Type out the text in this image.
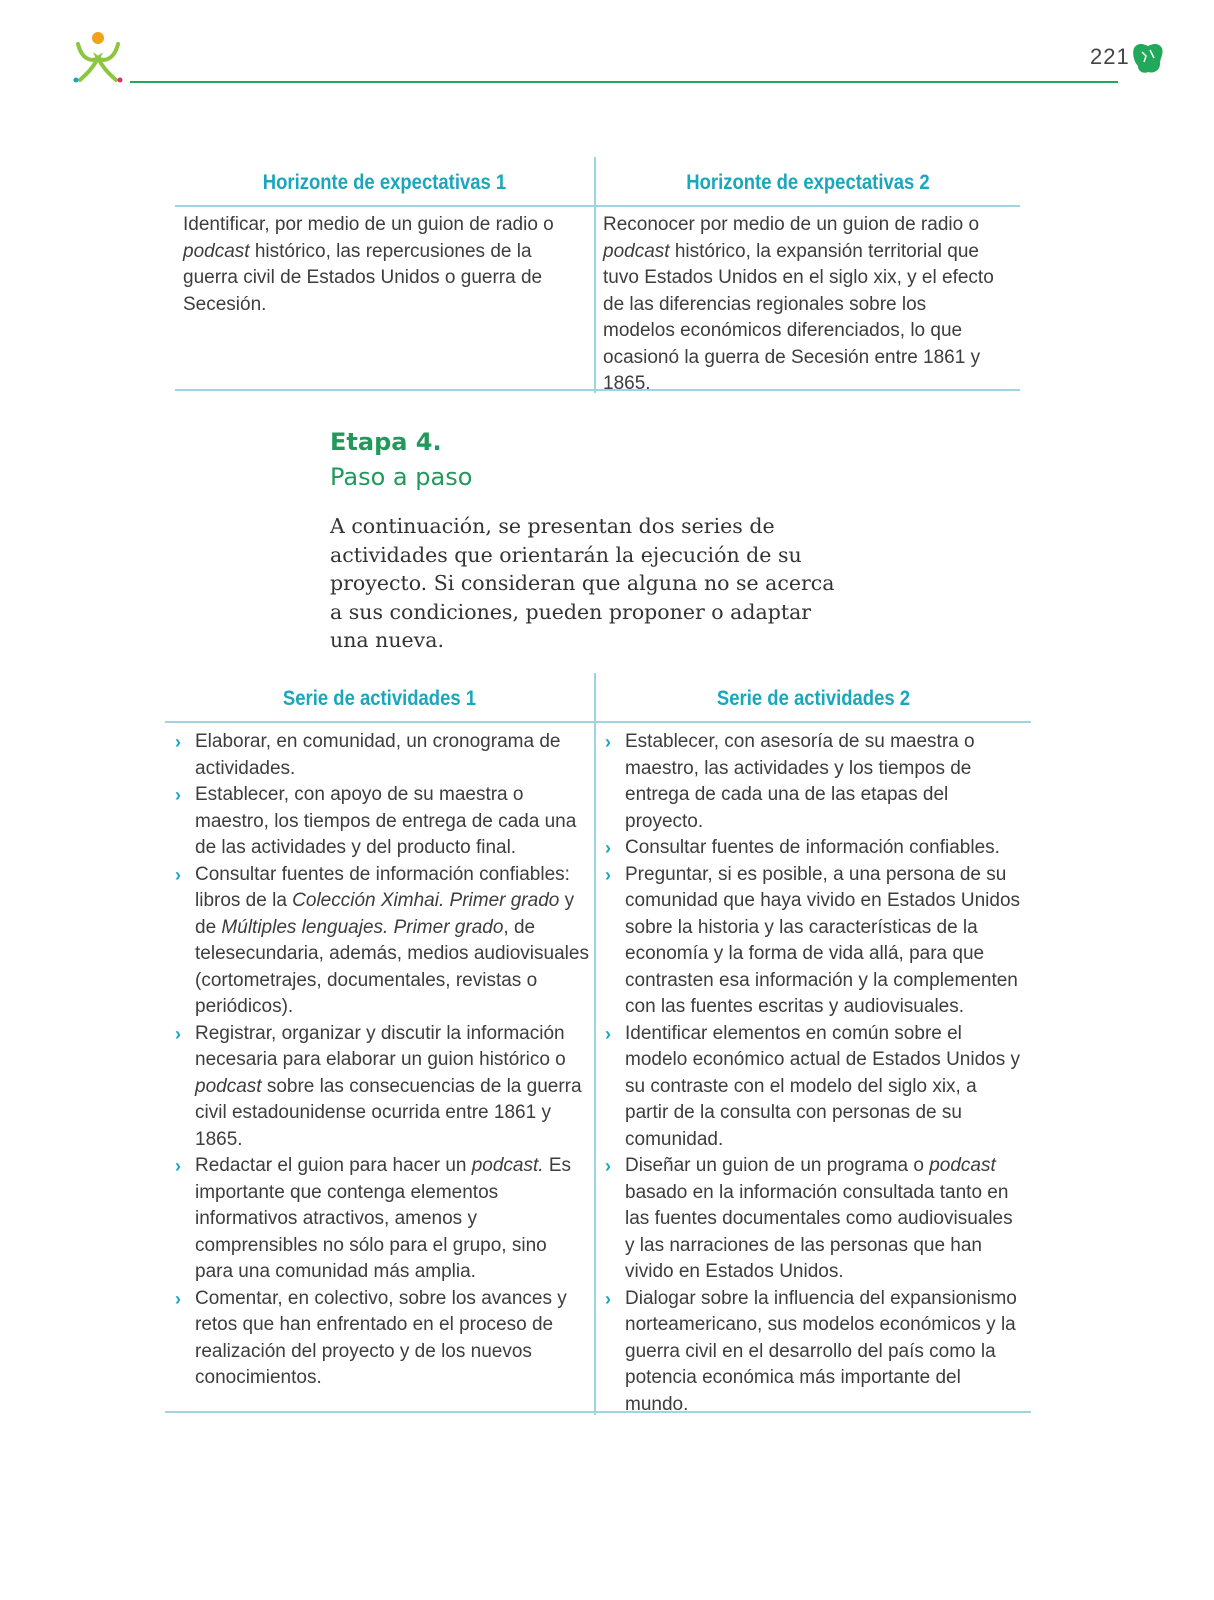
221
Horizonte de expectativas 1	Horizonte de expectativas 2
Identificar, por medio de un guion de radio o podcast histórico, las repercusiones de la guerra civil de Estados Unidos o guerra de Secesión.
Reconocer por medio de un guion de radio o podcast histórico, la expansión territorial que tuvo Estados Unidos en el siglo xix, y el efecto de las diferencias regionales sobre los modelos económicos diferenciados, lo que ocasionó la guerra de Secesión entre 1861 y 1865.
Etapa 4.
Paso a paso
A continuación, se presentan dos series de actividades que orientarán la ejecución de su proyecto. Si consideran que alguna no se acerca a sus condiciones, pueden proponer o adaptar una nueva.
Serie de actividades 1	Serie de actividades 2
› Elaborar, en comunidad, un cronograma de actividades.
› Establecer, con apoyo de su maestra o maestro, los tiempos de entrega de cada una de las actividades y del producto final.
› Consultar fuentes de información confiables: libros de la Colección Ximhai. Primer grado y de Múltiples lenguajes. Primer grado, de telesecundaria, además, medios audiovisuales (cortometrajes, documentales, revistas o periódicos).
› Registrar, organizar y discutir la información necesaria para elaborar un guion histórico o podcast sobre las consecuencias de la guerra civil estadounidense ocurrida entre 1861 y 1865.
› Redactar el guion para hacer un podcast. Es importante que contenga elementos informativos atractivos, amenos y comprensibles no sólo para el grupo, sino para una comunidad más amplia.
› Comentar, en colectivo, sobre los avances y retos que han enfrentado en el proceso de realización del proyecto y de los nuevos conocimientos.
› Establecer, con asesoría de su maestra o maestro, las actividades y los tiempos de entrega de cada una de las etapas del proyecto.
› Consultar fuentes de información confiables.
› Preguntar, si es posible, a una persona de su comunidad que haya vivido en Estados Unidos sobre la historia y las características de la economía y la forma de vida allá, para que contrasten esa información y la complementen con las fuentes escritas y audiovisuales.
› Identificar elementos en común sobre el modelo económico actual de Estados Unidos y su contraste con el modelo del siglo xix, a partir de la consulta con personas de su comunidad.
› Diseñar un guion de un programa o podcast basado en la información consultada tanto en las fuentes documentales como audiovisuales y las narraciones de las personas que han vivido en Estados Unidos.
› Dialogar sobre la influencia del expansionismo norteamericano, sus modelos económicos y la guerra civil en el desarrollo del país como la potencia económica más importante del mundo.
